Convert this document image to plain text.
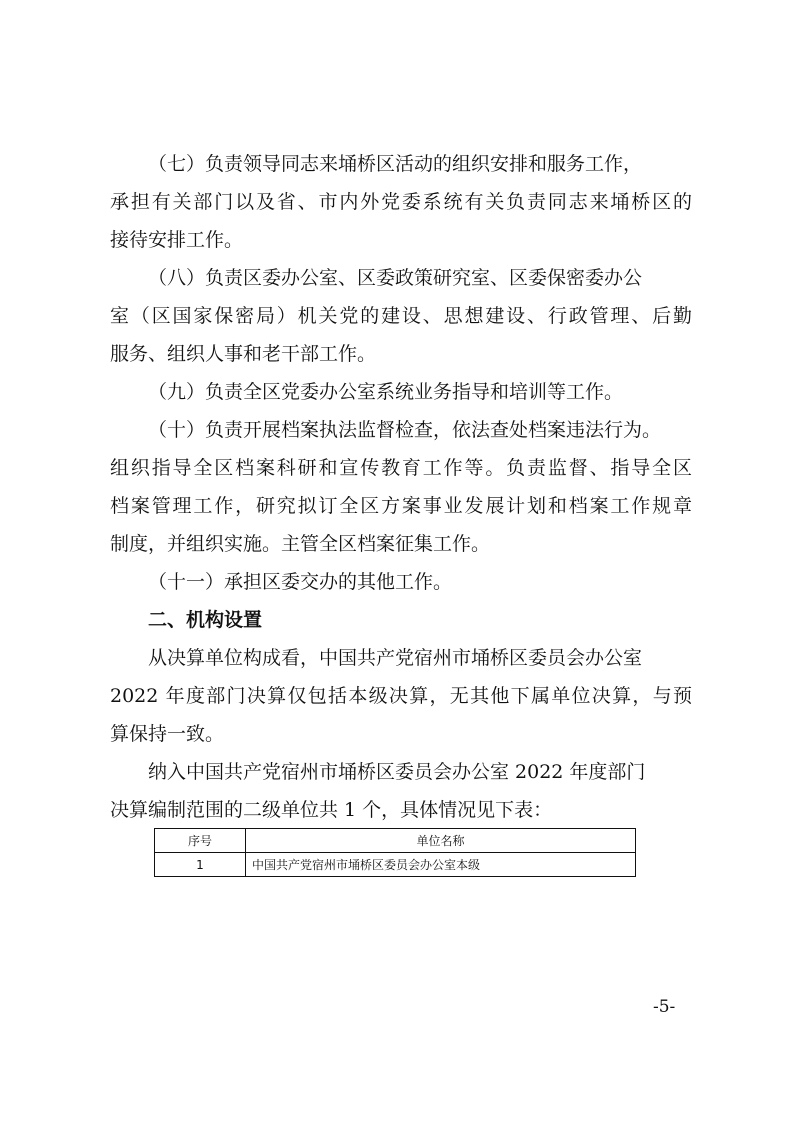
（七）负责领导同志来埇桥区活动的组织安排和服务工作，
承担有关部门以及省、市内外党委系统有关负责同志来埇桥区的
接待安排工作。
（八）负责区委办公室、区委政策研究室、区委保密委办公
室（区国家保密局）机关党的建设、思想建设、行政管理、后勤
服务、组织人事和老干部工作。
（九）负责全区党委办公室系统业务指导和培训等工作。
（十）负责开展档案执法监督检查，依法查处档案违法行为。
组织指导全区档案科研和宣传教育工作等。负责监督、指导全区
档案管理工作，研究拟订全区方案事业发展计划和档案工作规章
制度，并组织实施。主管全区档案征集工作。
（十一）承担区委交办的其他工作。
二、机构设置
从决算单位构成看，中国共产党宿州市埇桥区委员会办公室
2022 年度部门决算仅包括本级决算，无其他下属单位决算，与预
算保持一致。
纳入中国共产党宿州市埇桥区委员会办公室 2022 年度部门
决算编制范围的二级单位共 1 个，具体情况见下表：
序号	单位名称
1	中国共产党宿州市埇桥区委员会办公室本级
-5-
